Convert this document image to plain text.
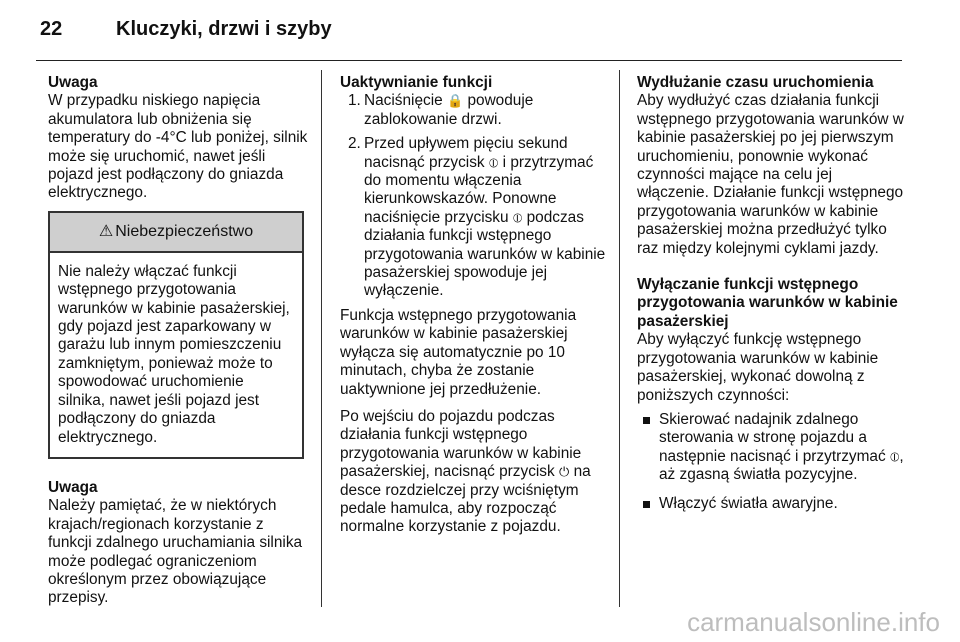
22	Kluczyki, drzwi i szyby

Uwaga

W przypadku niskiego napięcia akumulatora lub obniżenia się temperatury do -4°C lub poniżej, silnik może się uruchomić, nawet jeśli pojazd jest podłączony do gniazda elektrycznego.

⚠ Niebezpieczeństwo
Nie należy włączać funkcji wstępnego przygotowania warunków w kabinie pasażerskiej, gdy pojazd jest zaparkowany w garażu lub innym pomieszczeniu zamkniętym, ponieważ może to spowodować uruchomienie silnika, nawet jeśli pojazd jest podłączony do gniazda elektrycznego.

Uwaga

Należy pamiętać, że w niektórych krajach/regionach korzystanie z funkcji zdalnego uruchamiania silnika może podlegać ograniczeniom określonym przez obowiązujące przepisy.

Uaktywnianie funkcji

1. Naciśnięcie 🔒 powoduje zablokowanie drzwi.
2. Przed upływem pięciu sekund nacisnąć przycisk ⦶ i przytrzymać do momentu włączenia kierunkowskazów. Ponowne naciśnięcie przycisku ⦶ podczas działania funkcji wstępnego przygotowania warunków w kabinie pasażerskiej spowoduje jej wyłączenie.

Funkcja wstępnego przygotowania warunków w kabinie pasażerskiej wyłącza się automatycznie po 10 minutach, chyba że zostanie uaktywnione jej przedłużenie.

Po wejściu do pojazdu podczas działania funkcji wstępnego przygotowania warunków w kabinie pasażerskiej, nacisnąć przycisk ⏻ na desce rozdzielczej przy wciśniętym pedale hamulca, aby rozpocząć normalne korzystanie z pojazdu.

Wydłużanie czasu uruchomienia

Aby wydłużyć czas działania funkcji wstępnego przygotowania warunków w kabinie pasażerskiej po jej pierwszym uruchomieniu, ponownie wykonać czynności mające na celu jej włączenie. Działanie funkcji wstępnego przygotowania warunków w kabinie pasażerskiej można przedłużyć tylko raz między kolejnymi cyklami jazdy.

Wyłączanie funkcji wstępnego przygotowania warunków w kabinie pasażerskiej

Aby wyłączyć funkcję wstępnego przygotowania warunków w kabinie pasażerskiej, wykonać dowolną z poniższych czynności:

Skierować nadajnik zdalnego sterowania w stronę pojazdu a następnie nacisnąć i przytrzymać ⦶, aż zgasną światła pozycyjne.
Włączyć światła awaryjne.
carmanualsonline.info
